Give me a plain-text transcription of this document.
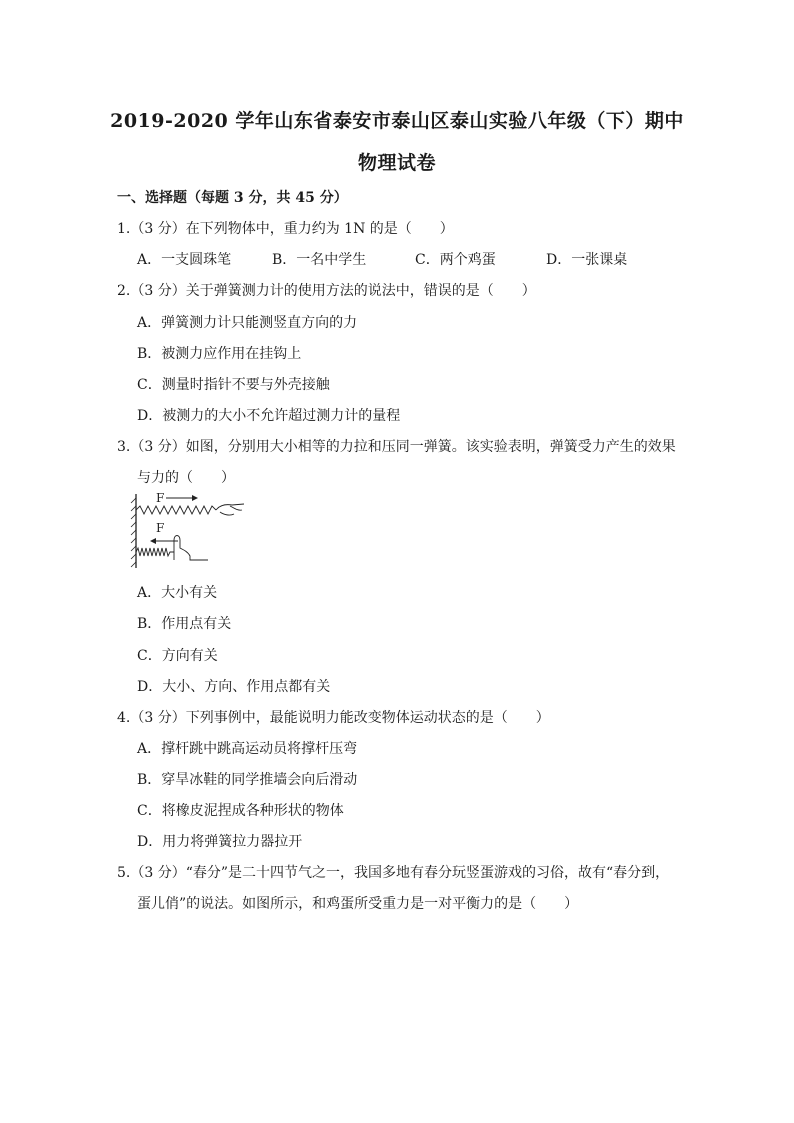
2019-2020 学年山东省泰安市泰山区泰山实验八年级（下）期中
物理试卷
一、选择题（每题 3 分，共 45 分）
1.（3 分）在下列物体中，重力约为 1N 的是（　　）
A．一支圆珠笔	B．一名中学生	C．两个鸡蛋	D．一张课桌
2.（3 分）关于弹簧测力计的使用方法的说法中，错误的是（　　）
A．弹簧测力计只能测竖直方向的力
B．被测力应作用在挂钩上
C．测量时指针不要与外壳接触
D．被测力的大小不允许超过测力计的量程
3.（3 分）如图，分别用大小相等的力拉和压同一弹簧。该实验表明，弹簧受力产生的效果
与力的（　　）
F
F
A．大小有关
B．作用点有关
C．方向有关
D．大小、方向、作用点都有关
4.（3 分）下列事例中，最能说明力能改变物体运动状态的是（　　）
A．撑杆跳中跳高运动员将撑杆压弯
B．穿旱冰鞋的同学推墙会向后滑动
C．将橡皮泥捏成各种形状的物体
D．用力将弹簧拉力器拉开
5.（3 分）“春分”是二十四节气之一，我国多地有春分玩竖蛋游戏的习俗，故有“春分到，
蛋儿俏”的说法。如图所示，和鸡蛋所受重力是一对平衡力的是（　　）
